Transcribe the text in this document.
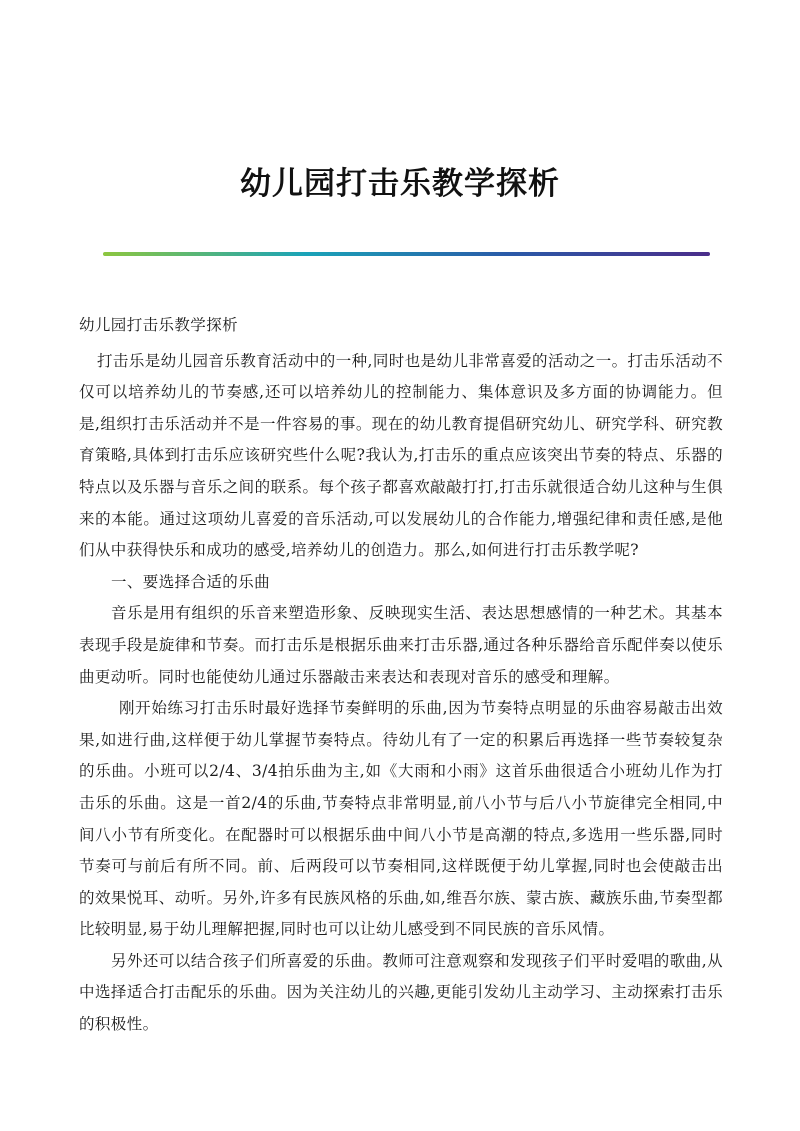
幼儿园打击乐教学探析
幼儿园打击乐教学探析

打击乐是幼儿园音乐教育活动中的一种,同时也是幼儿非常喜爱的活动之一。打击乐活动不仅可以培养幼儿的节奏感,还可以培养幼儿的控制能力、集体意识及多方面的协调能力。但是,组织打击乐活动并不是一件容易的事。现在的幼儿教育提倡研究幼儿、研究学科、研究教育策略,具体到打击乐应该研究些什么呢?我认为,打击乐的重点应该突出节奏的特点、乐器的特点以及乐器与音乐之间的联系。每个孩子都喜欢敲敲打打,打击乐就很适合幼儿这种与生俱来的本能。通过这项幼儿喜爱的音乐活动,可以发展幼儿的合作能力,增强纪律和责任感,是他们从中获得快乐和成功的感受,培养幼儿的创造力。那么,如何进行打击乐教学呢?

一、要选择合适的乐曲

音乐是用有组织的乐音来塑造形象、反映现实生活、表达思想感情的一种艺术。其基本表现手段是旋律和节奏。而打击乐是根据乐曲来打击乐器,通过各种乐器给音乐配伴奏以使乐曲更动听。同时也能使幼儿通过乐器敲击来表达和表现对音乐的感受和理解。

刚开始练习打击乐时最好选择节奏鲜明的乐曲,因为节奏特点明显的乐曲容易敲击出效果,如进行曲,这样便于幼儿掌握节奏特点。待幼儿有了一定的积累后再选择一些节奏较复杂的乐曲。小班可以2/4、3/4拍乐曲为主,如《大雨和小雨》这首乐曲很适合小班幼儿作为打击乐的乐曲。这是一首2/4的乐曲,节奏特点非常明显,前八小节与后八小节旋律完全相同,中间八小节有所变化。在配器时可以根据乐曲中间八小节是高潮的特点,多选用一些乐器,同时节奏可与前后有所不同。前、后两段可以节奏相同,这样既便于幼儿掌握,同时也会使敲击出的效果悦耳、动听。另外,许多有民族风格的乐曲,如,维吾尔族、蒙古族、藏族乐曲,节奏型都比较明显,易于幼儿理解把握,同时也可以让幼儿感受到不同民族的音乐风情。

另外还可以结合孩子们所喜爱的乐曲。教师可注意观察和发现孩子们平时爱唱的歌曲,从中选择适合打击配乐的乐曲。因为关注幼儿的兴趣,更能引发幼儿主动学习、主动探索打击乐的积极性。
